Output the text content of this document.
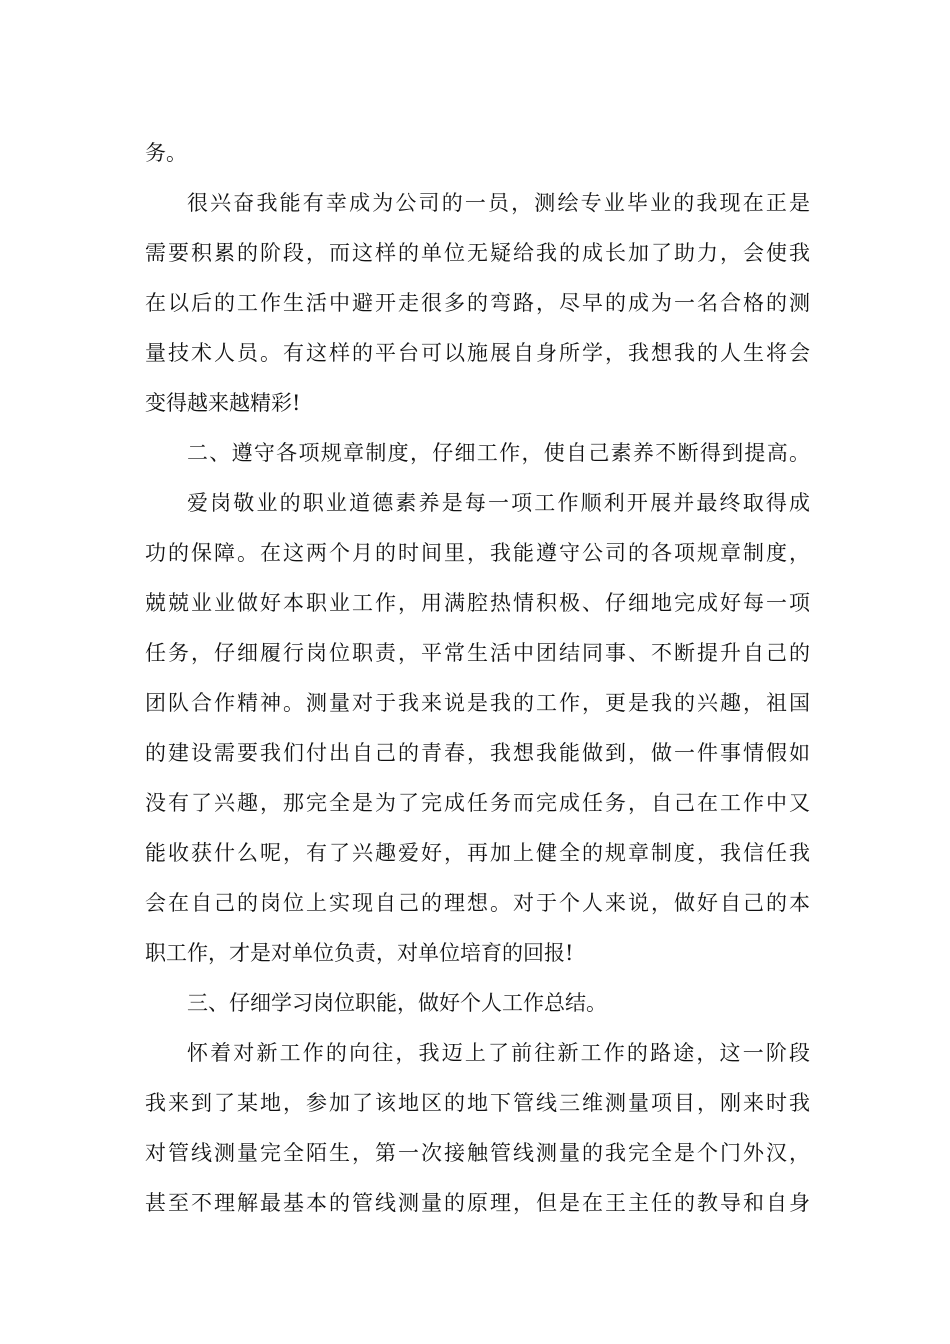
务。
很兴奋我能有幸成为公司的一员，测绘专业毕业的我现在正是
需要积累的阶段，而这样的单位无疑给我的成长加了助力，会使我
在以后的工作生活中避开走很多的弯路，尽早的成为一名合格的测
量技术人员。有这样的平台可以施展自身所学，我想我的人生将会
变得越来越精彩!
二、遵守各项规章制度，仔细工作，使自己素养不断得到提高。
爱岗敬业的职业道德素养是每一项工作顺利开展并最终取得成
功的保障。在这两个月的时间里，我能遵守公司的各项规章制度，
兢兢业业做好本职业工作，用满腔热情积极、仔细地完成好每一项
任务，仔细履行岗位职责，平常生活中团结同事、不断提升自己的
团队合作精神。测量对于我来说是我的工作，更是我的兴趣，祖国
的建设需要我们付出自己的青春，我想我能做到，做一件事情假如
没有了兴趣，那完全是为了完成任务而完成任务，自己在工作中又
能收获什么呢，有了兴趣爱好，再加上健全的规章制度，我信任我
会在自己的岗位上实现自己的理想。对于个人来说，做好自己的本
职工作，才是对单位负责，对单位培育的回报!
三、仔细学习岗位职能，做好个人工作总结。
怀着对新工作的向往，我迈上了前往新工作的路途，这一阶段
我来到了某地，参加了该地区的地下管线三维测量项目，刚来时我
对管线测量完全陌生，第一次接触管线测量的我完全是个门外汉，
甚至不理解最基本的管线测量的原理，但是在王主任的教导和自身
